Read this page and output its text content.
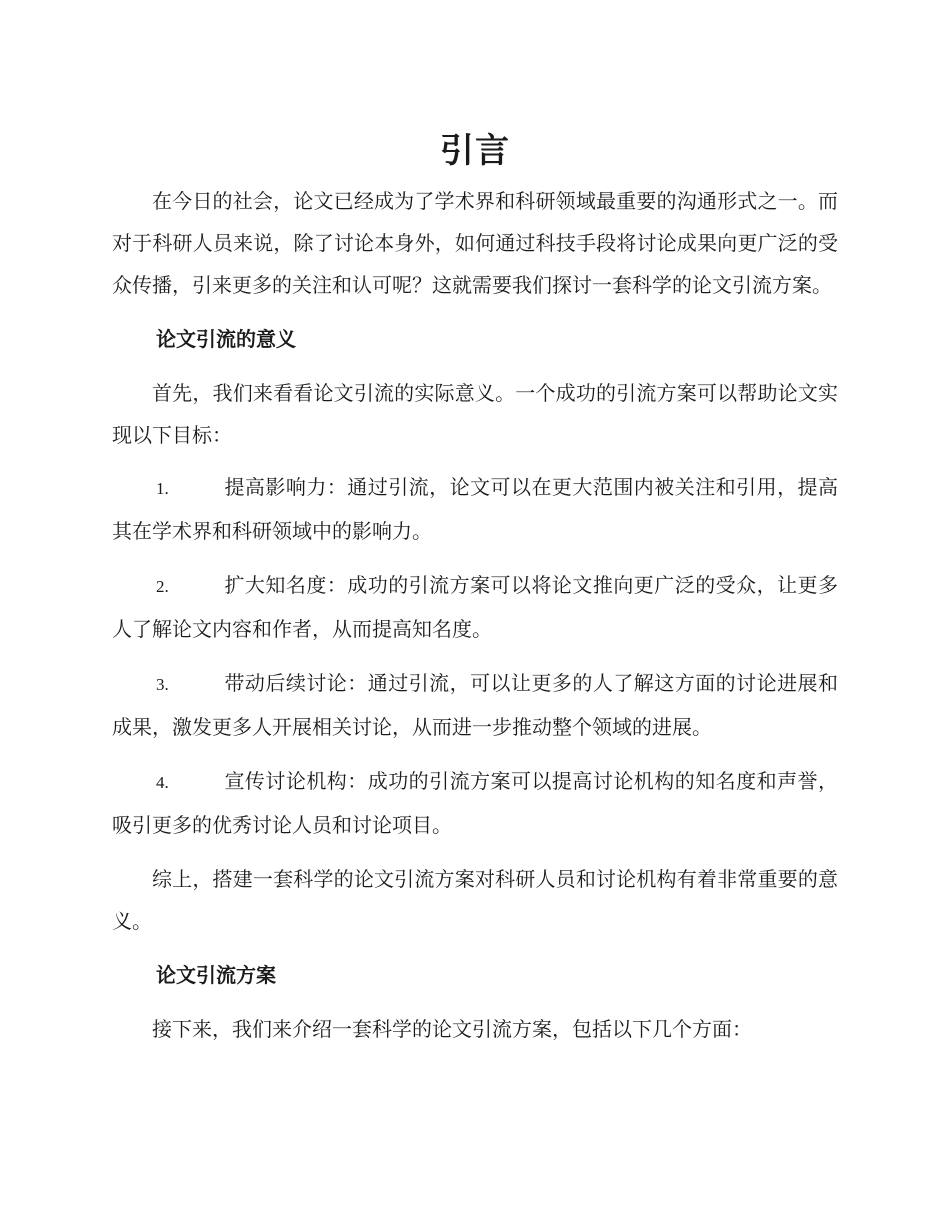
引言

在今日的社会，论文已经成为了学术界和科研领域最重要的沟通形式之一。而对于科研人员来说，除了讨论本身外，如何通过科技手段将讨论成果向更广泛的受众传播，引来更多的关注和认可呢？这就需要我们探讨一套科学的论文引流方案。

论文引流的意义

首先，我们来看看论文引流的实际意义。一个成功的引流方案可以帮助论文实现以下目标：

1.	提高影响力：通过引流，论文可以在更大范围内被关注和引用，提高其在学术界和科研领域中的影响力。
2.	扩大知名度：成功的引流方案可以将论文推向更广泛的受众，让更多人了解论文内容和作者，从而提高知名度。
3.	带动后续讨论：通过引流，可以让更多的人了解这方面的讨论进展和成果，激发更多人开展相关讨论，从而进一步推动整个领域的进展。
4.	宣传讨论机构：成功的引流方案可以提高讨论机构的知名度和声誉，吸引更多的优秀讨论人员和讨论项目。

综上，搭建一套科学的论文引流方案对科研人员和讨论机构有着非常重要的意义。

论文引流方案

接下来，我们来介绍一套科学的论文引流方案，包括以下几个方面：
